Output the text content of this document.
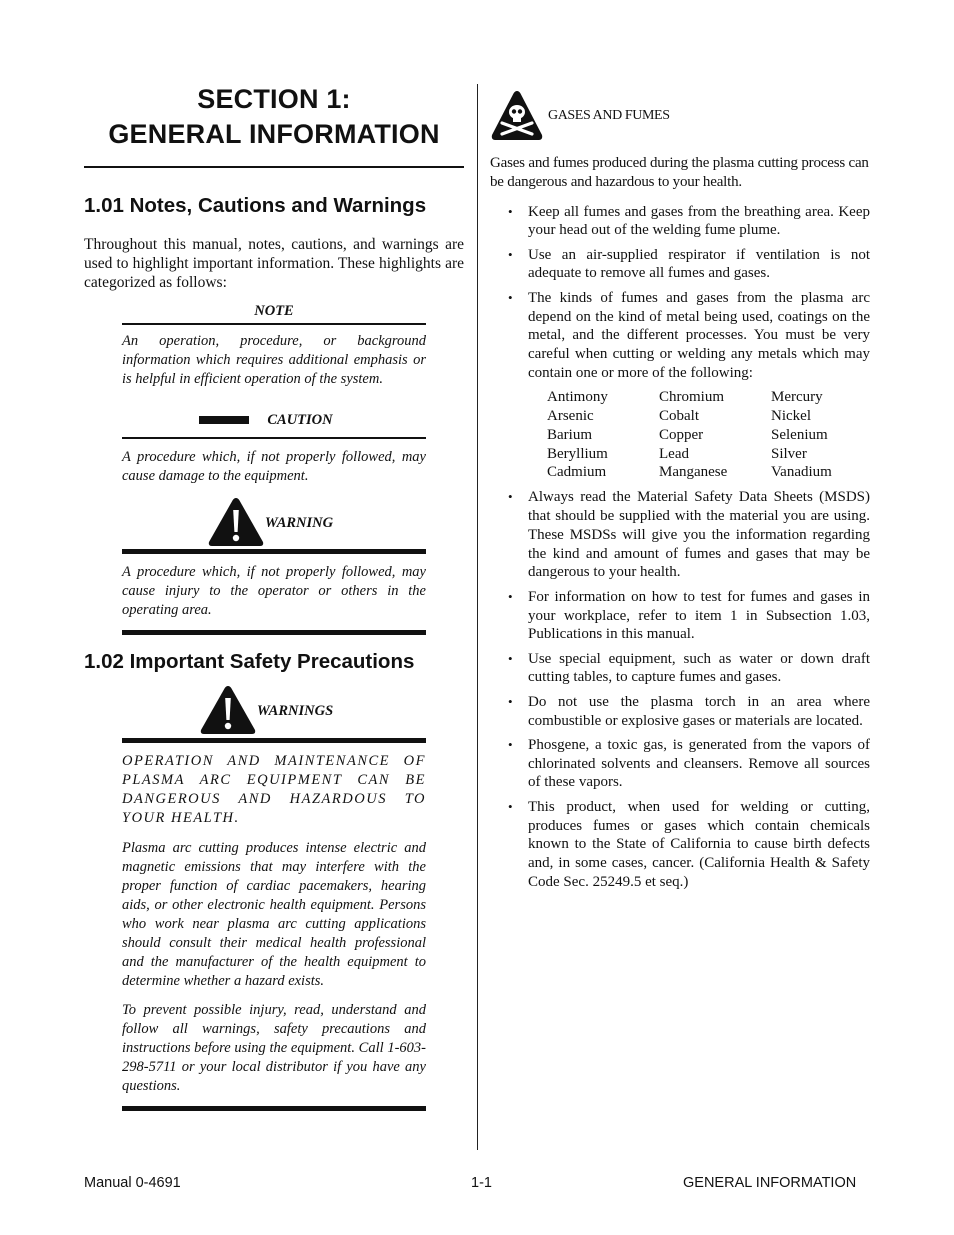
SECTION 1:
GENERAL INFORMATION
1.01 Notes, Cautions and Warnings

Throughout this manual, notes, cautions, and warnings are used to highlight important information. These highlights are categorized as follows:

NOTE

An operation, procedure, or background information which requires additional emphasis or is helpful in efficient operation of the system.

CAUTION

A procedure which, if not properly followed, may cause damage to the equipment.

WARNING

A procedure which, if not properly followed, may cause injury to the operator or others in the operating area.

1.02 Important Safety Precautions
WARNINGS

OPERATION AND MAINTENANCE OF PLASMA ARC EQUIPMENT CAN BE DANGEROUS AND HAZARDOUS TO YOUR HEALTH.

Plasma arc cutting produces intense electric and magnetic emissions that may interfere with the proper function of cardiac pacemakers, hearing aids, or other electronic health equipment. Persons who work near plasma arc cutting applications should consult their medical health professional and the manufacturer of the health equipment to determine whether a hazard exists.

To prevent possible injury, read, understand and follow all warnings, safety precautions and instructions before using the equipment. Call 1-603-298-5711 or your local distributor if you have any questions.

GASES AND FUMES

Gases and fumes produced during the plasma cutting process can be dangerous and hazardous to your health.

• Keep all fumes and gases from the breathing area. Keep your head out of the welding fume plume.
• Use an air-supplied respirator if ventilation is not adequate to remove all fumes and gases.
• The kinds of fumes and gases from the plasma arc depend on the kind of metal being used, coatings on the metal, and the different processes. You must be very careful when cutting or welding any metals which may contain one or more of the following:
Antimony	Chromium	Mercury
Arsenic	Cobalt	Nickel
Barium	Copper	Selenium
Beryllium	Lead	Silver
Cadmium	Manganese	Vanadium
• Always read the Material Safety Data Sheets (MSDS) that should be supplied with the material you are using. These MSDSs will give you the information regarding the kind and amount of fumes and gases that may be dangerous to your health.
• For information on how to test for fumes and gases in your workplace, refer to item 1 in Subsection 1.03, Publications in this manual.
• Use special equipment, such as water or down draft cutting tables, to capture fumes and gases.
• Do not use the plasma torch in an area where combustible or explosive gases or materials are located.
• Phosgene, a toxic gas, is generated from the vapors of chlorinated solvents and cleansers. Remove all sources of these vapors.
• This product, when used for welding or cutting, produces fumes or gases which contain chemicals known to the State of California to cause birth defects and, in some cases, cancer. (California Health & Safety Code Sec. 25249.5 et seq.)
Manual 0-4691	1-1	GENERAL INFORMATION
